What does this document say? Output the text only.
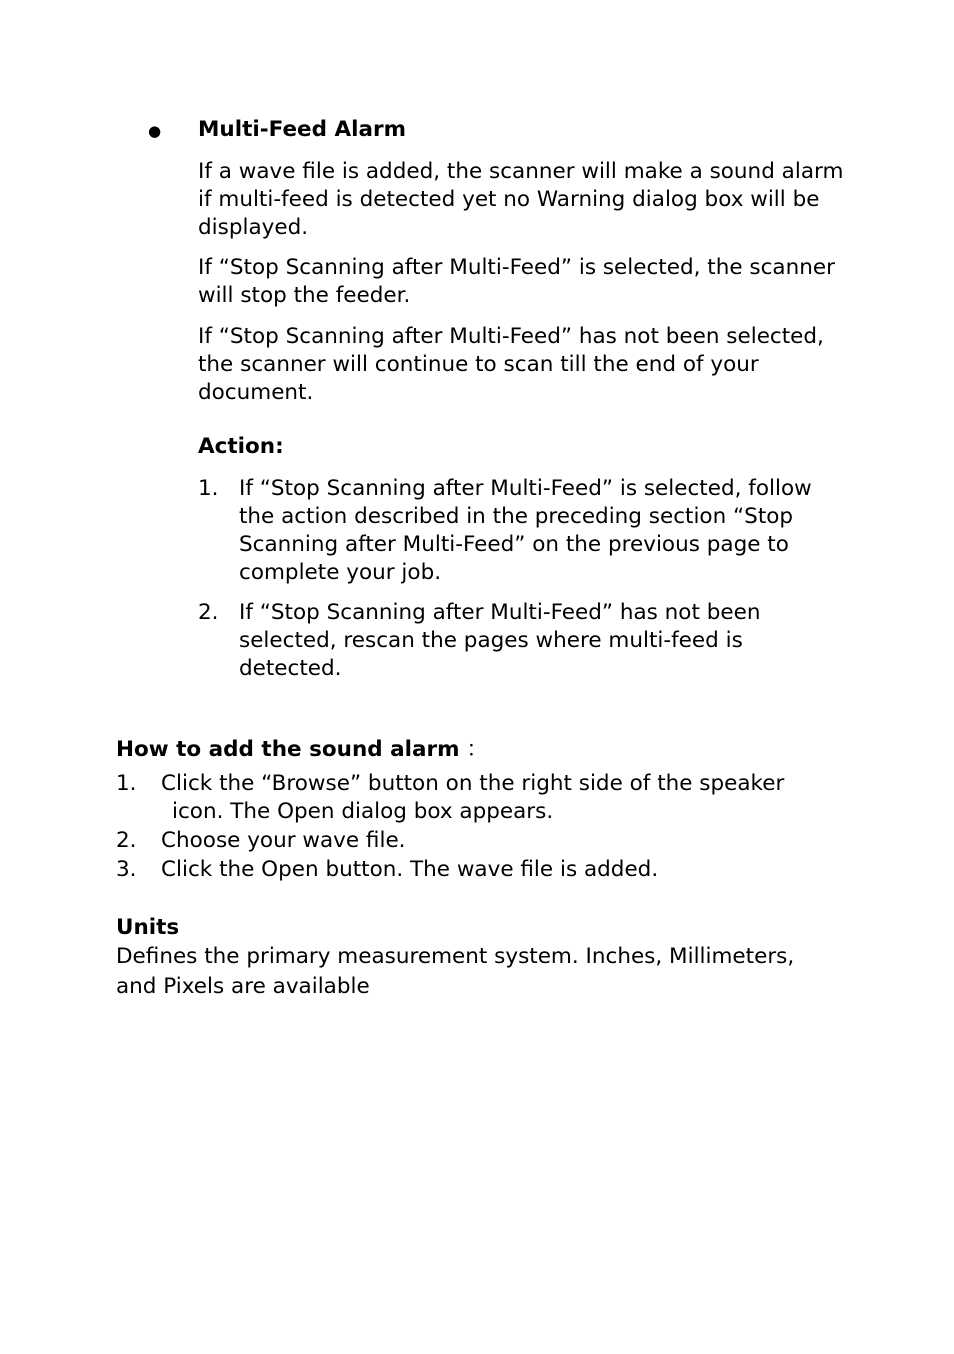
● Multi-Feed Alarm

If a wave file is added, the scanner will make a sound alarm if multi-feed is detected yet no Warning dialog box will be displayed.

If “Stop Scanning after Multi-Feed” is selected, the scanner will stop the feeder.

If “Stop Scanning after Multi-Feed” has not been selected, the scanner will continue to scan till the end of your document.

Action:
1. If “Stop Scanning after Multi-Feed” is selected, follow the action described in the preceding section “Stop Scanning after Multi-Feed” on the previous page to complete your job.

2. If “Stop Scanning after Multi-Feed” has not been selected, rescan the pages where multi-feed is detected.

How to add the sound alarm ：
1. Click the “Browse” button on the right side of the speaker
icon. The Open dialog box appears.
2. Choose your wave file.
3. Click the Open button. The wave file is added.
Units
Defines the primary measurement system. Inches, Millimeters,
and Pixels are available
